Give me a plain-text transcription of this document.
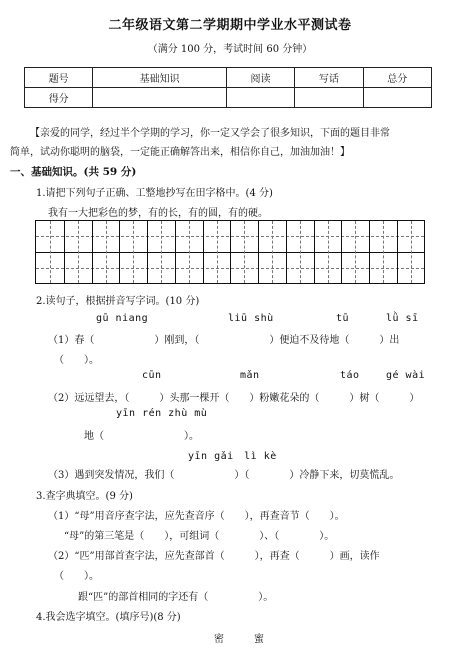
二年级语文第二学期期中学业水平测试卷
（满分 100 分，考试时间 60 分钟）
题号	基础知识	阅读	写话	总分
得分				
【亲爱的同学，经过半个学期的学习，你一定又学会了很多知识，下面的题目非常
简单，试动你聪明的脑袋，一定能正确解答出来，相信你自己，加油加油！】
一、基础知识。(共 59 分)
1.请把下列句子正确、工整地抄写在田字格中。(4 分)
我有一大把彩色的梦，有的长，有的圆，有的硬。
2.读句子，根据拼音写字词。(10 分)
gū niang	liū shù	tū	lǜ sī
（1）春（　　　　　　）刚到，（　　　　　　　）便迫不及待地（　　　）出
（　　）。
cūn	mǎn	táo	gé wài
（2）远远望去，（　　　）头那一棵开（　　）粉嫩花朵的（　　　）树（　　　）
yīn rén zhù mù
地（　　　　　　　　）。
yīn gǎi　lì kè
（3）遇到突发情况，我们（　　　　　　）（　　　　）冷静下来，切莫慌乱。
3.查字典填空。(9 分)
（1）“母”用音序查字法，应先查音序（　　），再查音节（　　）。
“母”的第三笔是（　　），可组词（　　　　）、（　　　　）。
（2）“匹”用部首查字法，应先查部首（　　　），再查（　　　）画，读作
（　　）。
跟“匹”的部首相同的字还有（　　　　　）。
4.我会选字填空。(填序号)(8 分)
密　蜜
